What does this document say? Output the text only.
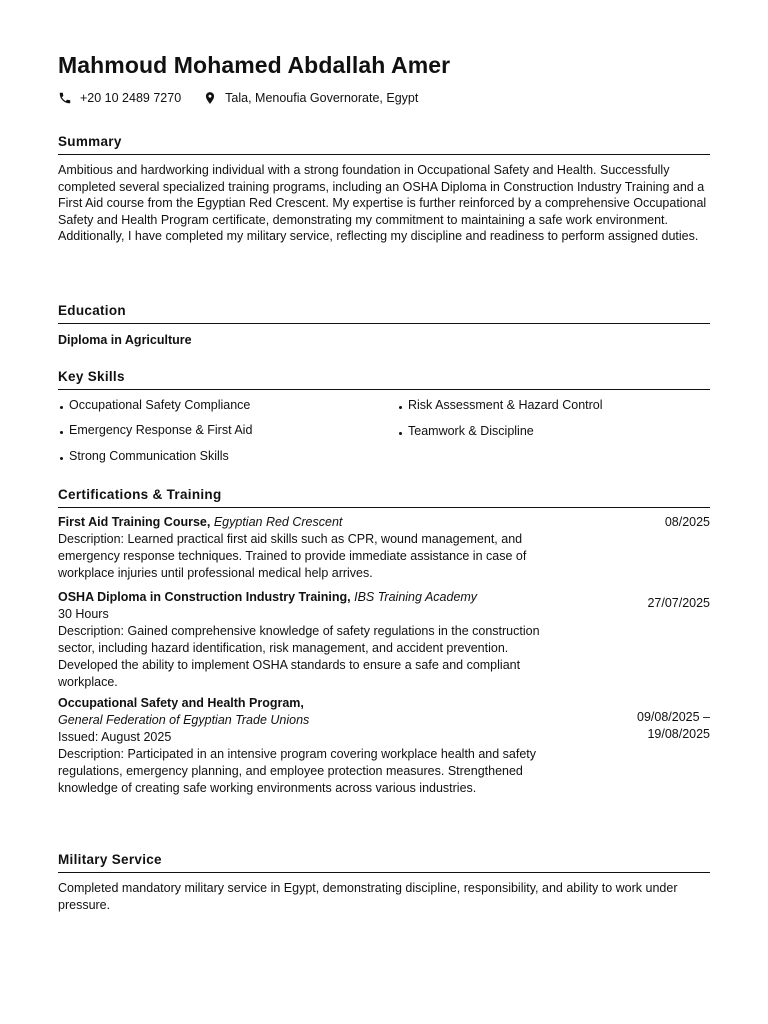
Mahmoud Mohamed Abdallah Amer
+20 10 2489 7270	Tala, Menoufia Governorate, Egypt
Summary

Ambitious and hardworking individual with a strong foundation in Occupational Safety and Health. Successfully completed several specialized training programs, including an OSHA Diploma in Construction Industry Training and a First Aid course from the Egyptian Red Crescent. My expertise is further reinforced by a comprehensive Occupational Safety and Health Program certificate, demonstrating my commitment to maintaining a safe work environment.

Additionally, I have completed my military service, reflecting my discipline and readiness to perform assigned duties.

Education
Diploma in Agriculture
Key Skills
Occupational Safety Compliance	Risk Assessment & Hazard Control
Emergency Response & First Aid	Teamwork & Discipline
Strong Communication Skills
Certifications & Training

First Aid Training Course, Egyptian Red Crescent

Description: Learned practical first aid skills such as CPR, wound management, and emergency response techniques. Trained to provide immediate assistance in case of workplace injuries until professional medical help arrives.

08/2025

OSHA Diploma in Construction Industry Training, IBS Training Academy

30 Hours

Description: Gained comprehensive knowledge of safety regulations in the construction sector, including hazard identification, risk management, and accident prevention. Developed the ability to implement OSHA standards to ensure a safe and compliant workplace.

27/07/2025

Occupational Safety and Health Program,

General Federation of Egyptian Trade Unions

Issued: August 2025

Description: Participated in an intensive program covering workplace health and safety regulations, emergency planning, and employee protection measures. Strengthened knowledge of creating safe working environments across various industries.

09/08/2025 –
19/08/2025
Military Service
Completed mandatory military service in Egypt, demonstrating discipline, responsibility, and ability to work under pressure.
